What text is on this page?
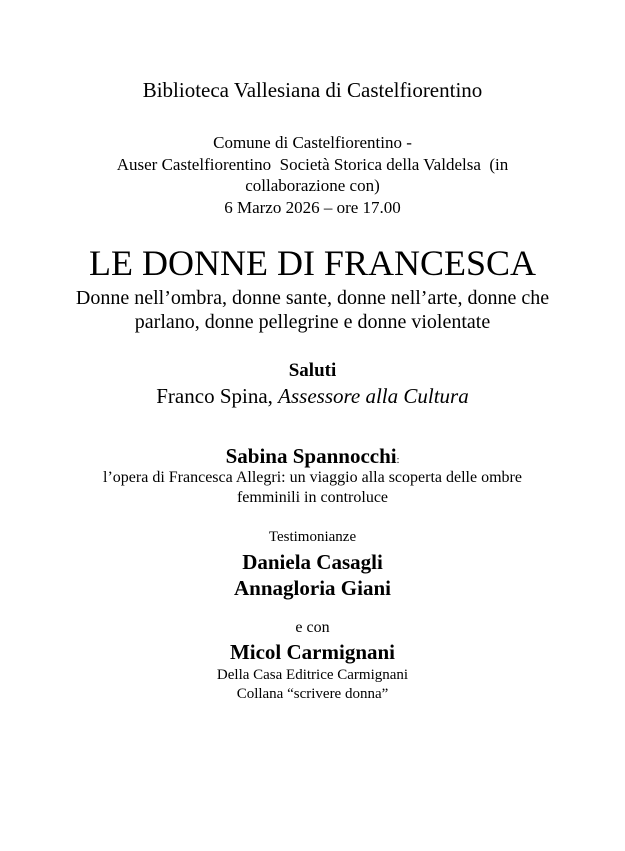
Biblioteca Vallesiana di Castelfiorentino
Comune di Castelfiorentino -
Auser Castelfiorentino  Società Storica della Valdelsa  (in
collaborazione con)
6 Marzo 2026 – ore 17.00
LE DONNE DI FRANCESCA
Donne nell’ombra, donne sante, donne nell’arte, donne che
parlano, donne pellegrine e donne violentate
Saluti
Franco Spina, Assessore alla Cultura
Sabina Spannocchi:
l’opera di Francesca Allegri: un viaggio alla scoperta delle ombre
femminili in controluce
Testimonianze
Daniela Casagli
Annagloria Giani
e con
Micol Carmignani
Della Casa Editrice Carmignani
Collana “scrivere donna”
